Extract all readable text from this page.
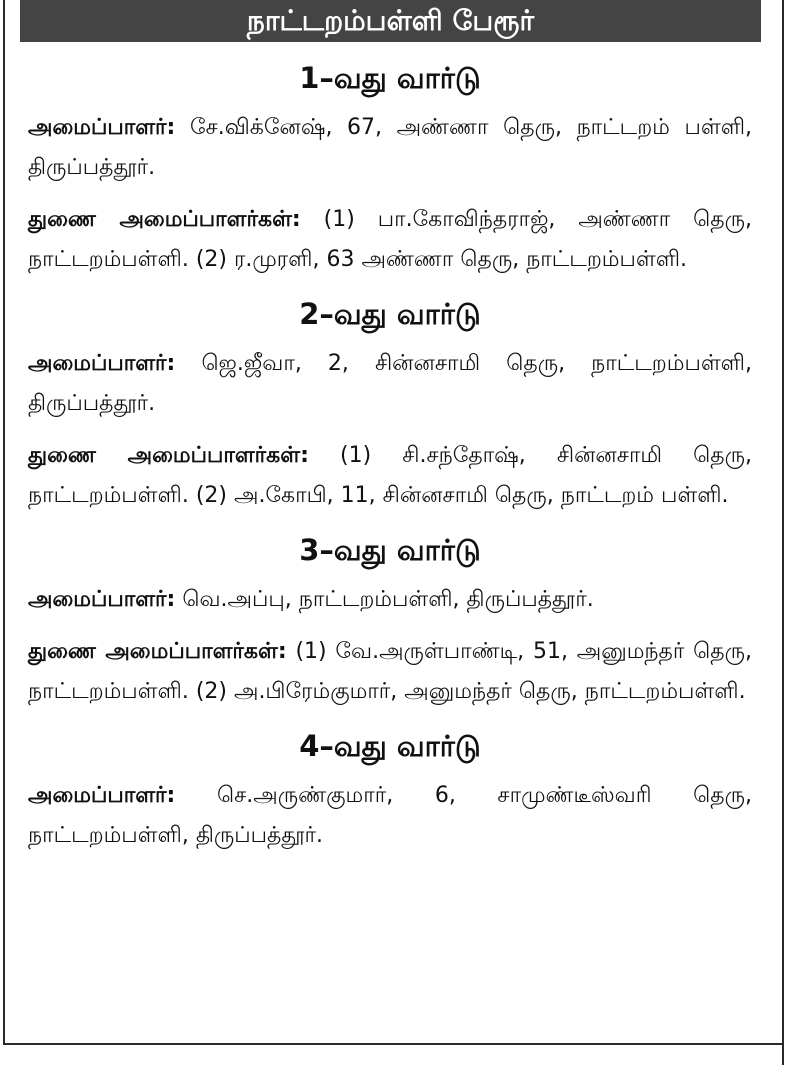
நாட்டறம்பள்ளி பேரூர்
1–வது வார்டு

அமைப்பாளர்: சே.விக்னேஷ், 67, அண்ணா தெரு, நாட்டறம் பள்ளி, திருப்பத்தூர்.

துணை அமைப்பாளர்கள்: (1) பா.கோவிந்தராஜ், அண்ணா தெரு, நாட்டறம்பள்ளி. (2) ர.முரளி, 63 அண்ணா தெரு, நாட்டறம்பள்ளி.

2–வது வார்டு

அமைப்பாளர்: ஜெ.ஜீவா, 2, சின்னசாமி தெரு, நாட்டறம்பள்ளி, திருப்பத்தூர்.

துணை அமைப்பாளர்கள்: (1) சி.சந்தோஷ், சின்னசாமி தெரு, நாட்டறம்பள்ளி. (2) அ.கோபி, 11, சின்னசாமி தெரு, நாட்டறம் பள்ளி.

3–வது வார்டு

அமைப்பாளர்: வெ.அப்பு, நாட்டறம்பள்ளி, திருப்பத்தூர்.

துணை அமைப்பாளர்கள்: (1) வே.அருள்பாண்டி, 51, அனுமந்தர் தெரு, நாட்டறம்பள்ளி. (2) அ.பிரேம்குமார், அனுமந்தர் தெரு, நாட்டறம்பள்ளி.

4–வது வார்டு

அமைப்பாளர்: செ.அருண்குமார், 6, சாமுண்டீஸ்வரி தெரு, நாட்டறம்பள்ளி, திருப்பத்தூர்.
